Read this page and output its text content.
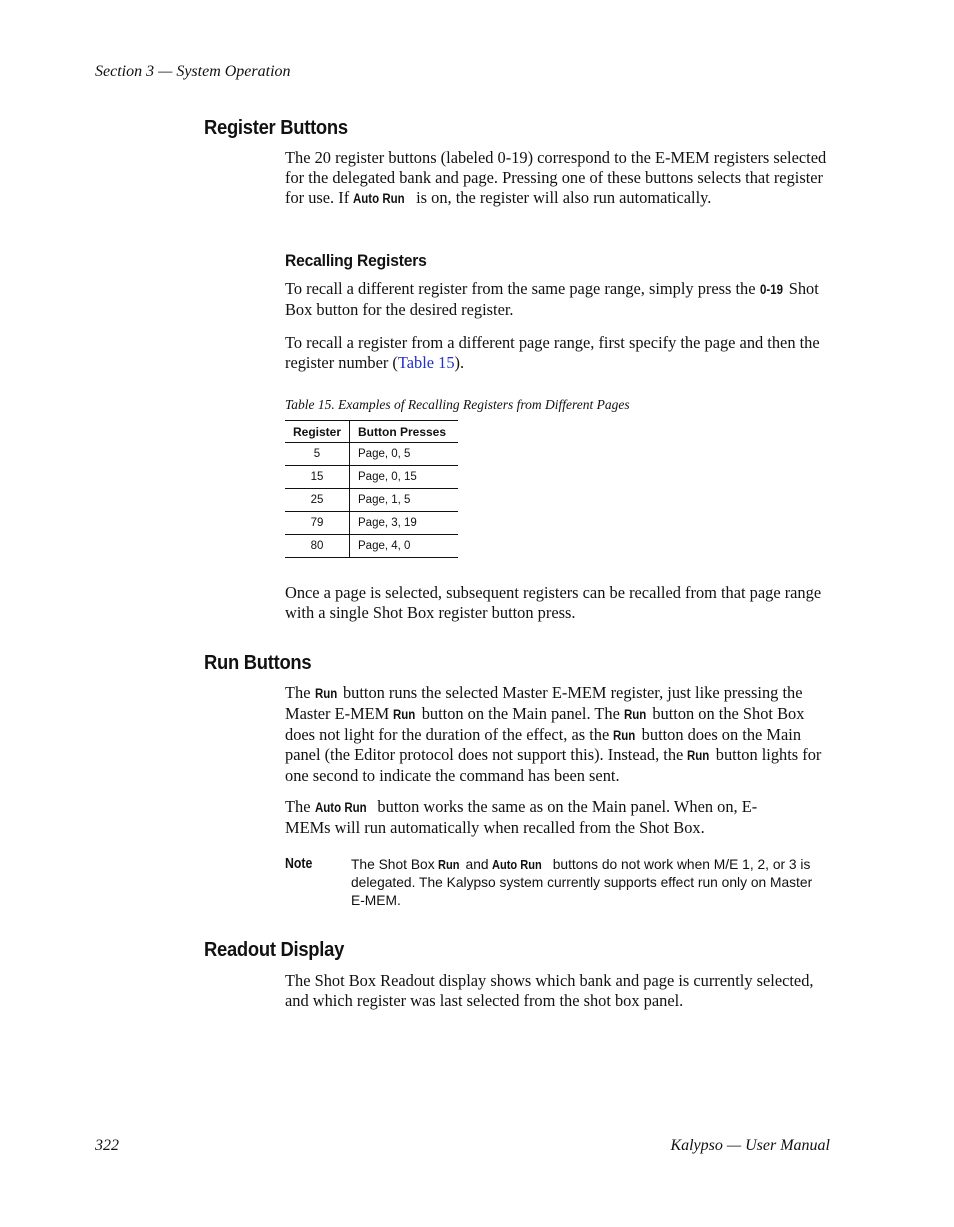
Section 3 — System Operation
Register Buttons
The 20 register buttons (labeled 0-19) correspond to the E-MEM registers selected for the delegated bank and page. Pressing one of these buttons selects that register for use. If Auto Run is on, the register will also run automatically.
Recalling Registers
To recall a different register from the same page range, simply press the 0-19 Shot Box button for the desired register.
To recall a register from a different page range, first specify the page and then the register number (Table 15).
Table 15. Examples of Recalling Registers from Different Pages
Register	Button Presses
5	Page, 0, 5
15	Page, 0, 15
25	Page, 1, 5
79	Page, 3, 19
80	Page, 4, 0
Once a page is selected, subsequent registers can be recalled from that page range with a single Shot Box register button press.
Run Buttons
The Run button runs the selected Master E-MEM register, just like pressing the Master E-MEM Run button on the Main panel. The Run button on the Shot Box does not light for the duration of the effect, as the Run button does on the Main panel (the Editor protocol does not support this). Instead, the Run button lights for one second to indicate the command has been sent.
The Auto Run button works the same as on the Main panel. When on, E-MEMs will run automatically when recalled from the Shot Box.
Note	The Shot Box Run and Auto Run buttons do not work when M/E 1, 2, or 3 is delegated. The Kalypso system currently supports effect run only on Master E-MEM.
Readout Display
The Shot Box Readout display shows which bank and page is currently selected, and which register was last selected from the shot box panel.
322	Kalypso — User Manual
